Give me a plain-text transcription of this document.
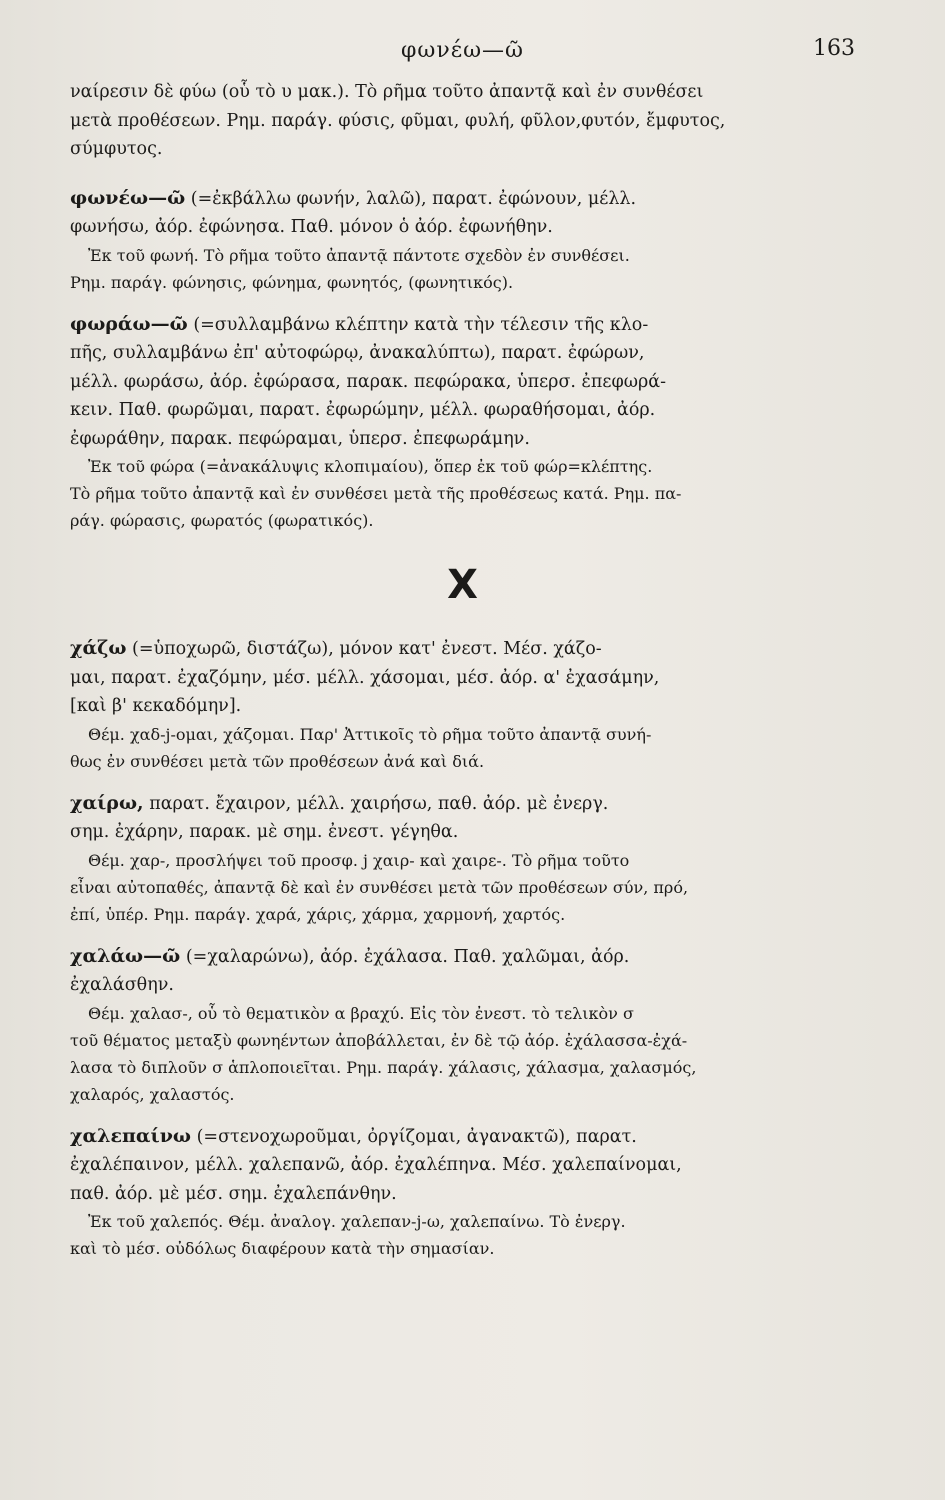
φωνέω—ῶ	163

ναίρεσιν δὲ φύω (οὗ τὸ υ μακ.). Τὸ ρῆμα τοῦτο ἀπαντᾷ καὶ ἐν συνθέσει

μετὰ προθέσεων. Ρημ. παράγ. φύσις, φῦμαι, φυλή, φῦλον,φυτόν, ἔμφυτος,

σύμφυτος.

φωνέω—ῶ (=ἐκβάλλω φωνήν, λαλῶ), παρατ. ἐφώνουν, μέλλ.

φωνήσω, ἀόρ. ἐφώνησα. Παθ. μόνον ὁ ἀόρ. ἐφωνήθην.

Ἐκ τοῦ φωνή. Τὸ ρῆμα τοῦτο ἀπαντᾷ πάντοτε σχεδὸν ἐν συνθέσει.

Ρημ. παράγ. φώνησις, φώνημα, φωνητός, (φωνητικός).

φωράω—ῶ (=συλλαμβάνω κλέπτην κατὰ τὴν τέλεσιν τῆς κλο-

πῆς, συλλαμβάνω ἐπ' αὐτοφώρῳ, ἀνακαλύπτω), παρατ. ἐφώρων,

μέλλ. φωράσω, ἀόρ. ἐφώρασα, παρακ. πεφώρακα, ὑπερσ. ἐπεφωρά-

κειν. Παθ. φωρῶμαι, παρατ. ἐφωρώμην, μέλλ. φωραθήσομαι, ἀόρ.

ἐφωράθην, παρακ. πεφώραμαι, ὑπερσ. ἐπεφωράμην.

Ἐκ τοῦ φώρα (=ἀνακάλυψις κλοπιμαίου), ὅπερ ἐκ τοῦ φώρ=κλέπτης.

Τὸ ρῆμα τοῦτο ἀπαντᾷ καὶ ἐν συνθέσει μετὰ τῆς προθέσεως κατά. Ρημ. πα-

ράγ. φώρασις, φωρατός (φωρατικός).

Χ

χάζω (=ὑποχωρῶ, διστάζω), μόνον κατ' ἐνεστ. Μέσ. χάζο-

μαι, παρατ. ἐχαζόμην, μέσ. μέλλ. χάσομαι, μέσ. ἀόρ. α' ἐχασάμην,

[καὶ β' κεκαδόμην].

Θέμ. χαδ-j-ομαι, χάζομαι. Παρ' Ἀττικοῖς τὸ ρῆμα τοῦτο ἀπαντᾷ συνή-

θως ἐν συνθέσει μετὰ τῶν προθέσεων ἀνά καὶ διά.

χαίρω, παρατ. ἔχαιρον, μέλλ. χαιρήσω, παθ. ἀόρ. μὲ ἐνεργ.

σημ. ἐχάρην, παρακ. μὲ σημ. ἐνεστ. γέγηθα.

Θέμ. χαρ-, προσλήψει τοῦ προσφ. j χαιρ- καὶ χαιρε-. Τὸ ρῆμα τοῦτο

εἶναι αὐτοπαθές, ἀπαντᾷ δὲ καὶ ἐν συνθέσει μετὰ τῶν προθέσεων σύν, πρό,

ἐπί, ὑπέρ. Ρημ. παράγ. χαρά, χάρις, χάρμα, χαρμονή, χαρτός.

χαλάω—ῶ (=χαλαρώνω), ἀόρ. ἐχάλασα. Παθ. χαλῶμαι, ἀόρ.

ἐχαλάσθην.

Θέμ. χαλασ-, οὗ τὸ θεματικὸν α βραχύ. Εἰς τὸν ἐνεστ. τὸ τελικὸν σ

τοῦ θέματος μεταξὺ φωνηέντων ἀποβάλλεται, ἐν δὲ τῷ ἀόρ. ἐχάλασσα-ἐχά-

λασα τὸ διπλοῦν σ ἁπλοποιεῖται. Ρημ. παράγ. χάλασις, χάλασμα, χαλασμός,

χαλαρός, χαλαστός.

χαλεπαίνω (=στενοχωροῦμαι, ὀργίζομαι, ἀγανακτῶ), παρατ.

ἐχαλέπαινον, μέλλ. χαλεπανῶ, ἀόρ. ἐχαλέπηνα. Μέσ. χαλεπαίνομαι,

παθ. ἀόρ. μὲ μέσ. σημ. ἐχαλεπάνθην.

Ἐκ τοῦ χαλεπός. Θέμ. ἀναλογ. χαλεπαν-j-ω, χαλεπαίνω. Τὸ ἐνεργ.

καὶ τὸ μέσ. οὐδόλως διαφέρουν κατὰ τὴν σημασίαν.
